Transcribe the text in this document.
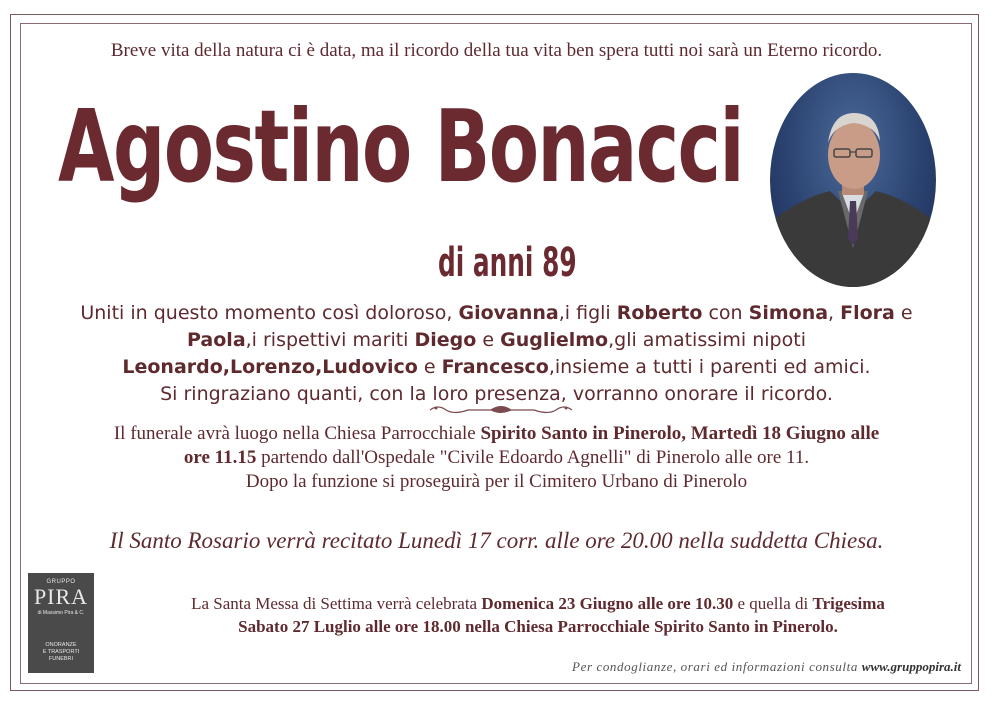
Breve vita della natura ci è data, ma il ricordo della tua vita ben spera tutti noi sarà un Eterno ricordo.
Agostino Bonacci
di anni 89
Uniti in questo momento così doloroso, Giovanna,i figli Roberto con Simona, Flora e
Paola,i rispettivi mariti Diego e Guglielmo,gli amatissimi nipoti
Leonardo,Lorenzo,Ludovico e Francesco,insieme a tutti i parenti ed amici.
Si ringraziano quanti, con la loro presenza, vorranno onorare il ricordo.
Il funerale avrà luogo nella Chiesa Parrocchiale Spirito Santo in Pinerolo, Martedì 18 Giugno alle
ore 11.15 partendo dall'Ospedale "Civile Edoardo Agnelli" di Pinerolo alle ore 11.
Dopo la funzione si proseguirà per il Cimitero Urbano di Pinerolo
Il Santo Rosario verrà recitato Lunedì 17 corr. alle ore 20.00 nella suddetta Chiesa.
GRUPPO
PIRA
di Massimo Pira & C.
ONORANZE
E TRASPORTI
FUNEBRI
La Santa Messa di Settima verrà celebrata Domenica 23 Giugno alle ore 10.30 e quella di Trigesima
Sabato 27 Luglio alle ore 18.00 nella Chiesa Parrocchiale Spirito Santo in Pinerolo.
Per condoglianze, orari ed informazioni consulta www.gruppopira.it
